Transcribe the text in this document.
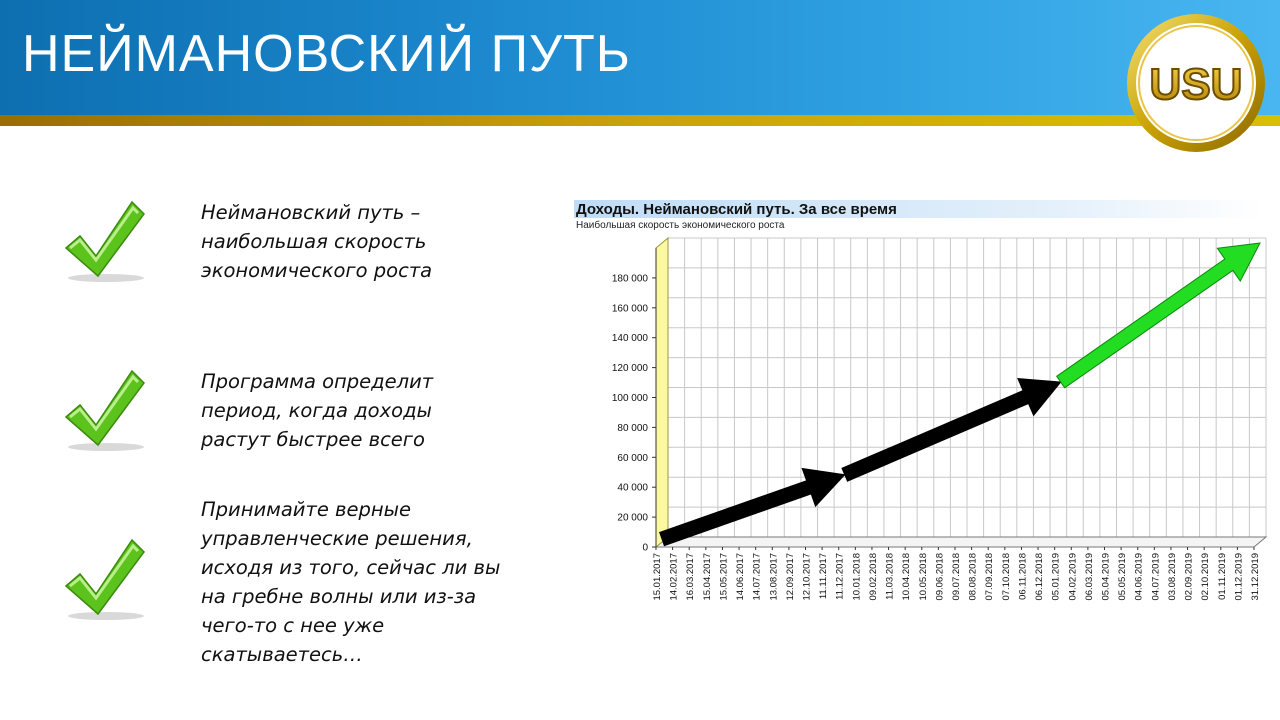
НЕЙМАНОВСКИЙ ПУТЬ
USU
Неймановский путь – наибольшая скорость экономического роста
Программа определит период, когда доходы растут быстрее всего
Принимайте верные управленческие решения, исходя из того, сейчас ли вы на гребне волны или из-за чего-то с нее уже скатываетесь…
Доходы. Неймановский путь. За все время
Наибольшая скорость экономического роста
0
20 000
40 000
60 000
80 000
100 000
120 000
140 000
160 000
180 000
15.01.2017 14.02.2017 16.03.2017 15.04.2017 15.05.2017 14.06.2017 14.07.2017 13.08.2017 12.09.2017 12.10.2017 11.11.2017 11.12.2017 10.01.2018 09.02.2018 11.03.2018 10.04.2018 10.05.2018 09.06.2018 09.07.2018 08.08.2018 07.09.2018 07.10.2018 06.11.2018 06.12.2018 05.01.2019 04.02.2019 06.03.2019 05.04.2019 05.05.2019 04.06.2019 04.07.2019 03.08.2019 02.09.2019 02.10.2019 01.11.2019 01.12.2019 31.12.2019
